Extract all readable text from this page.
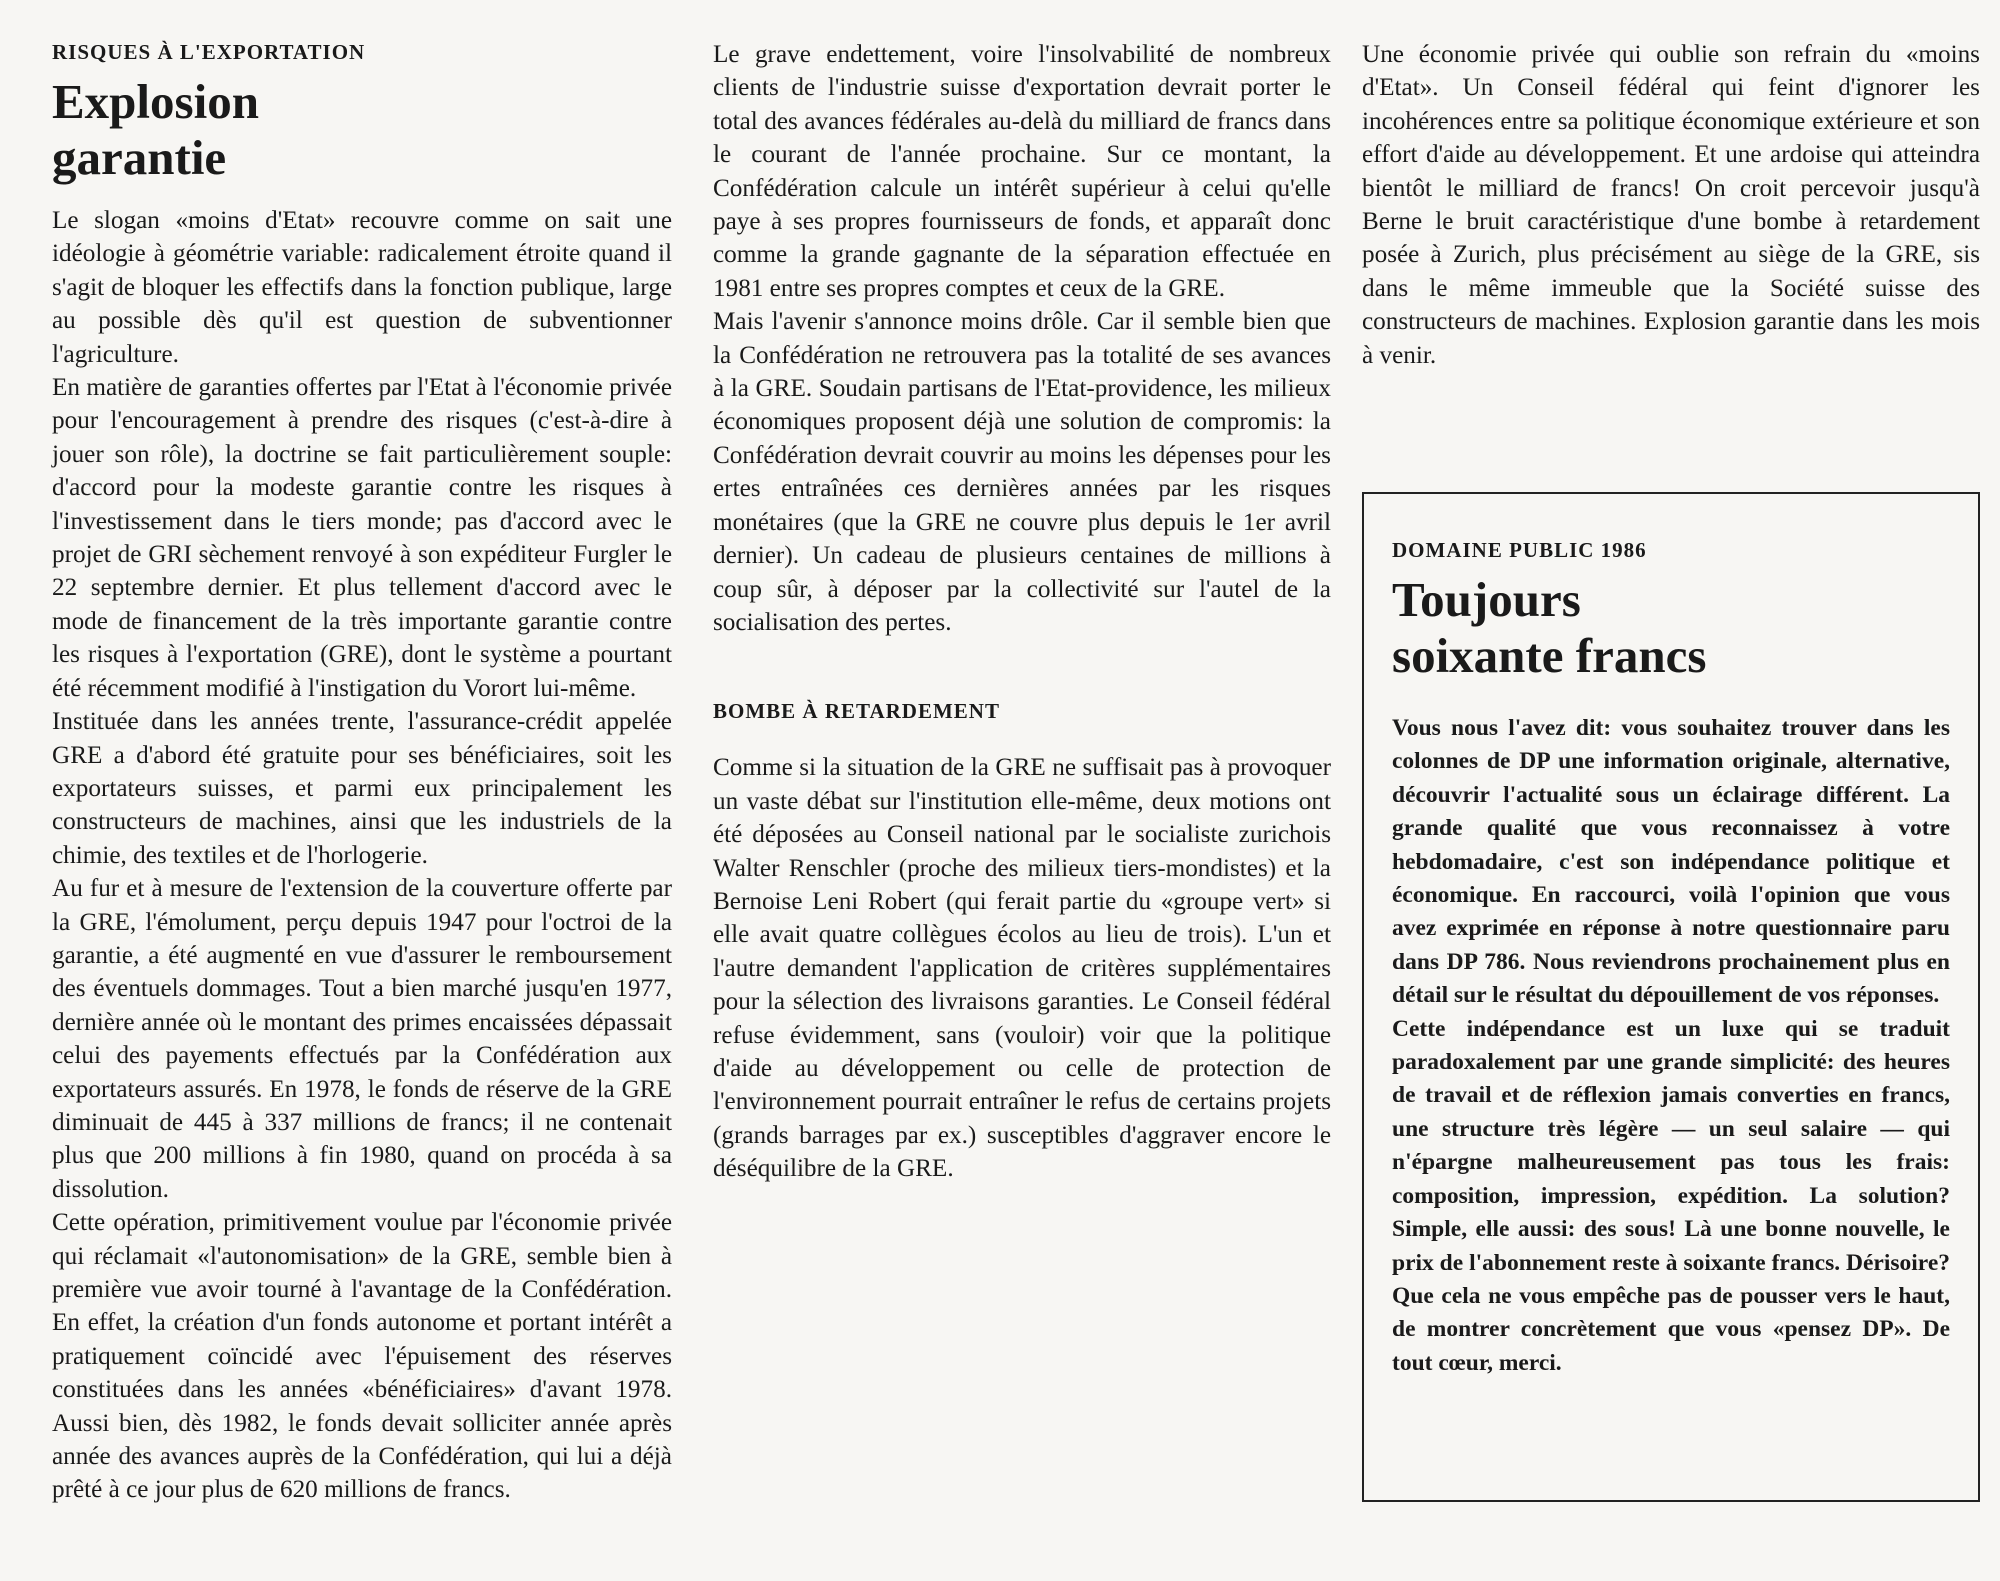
RISQUES À L'EXPORTATION
Explosion garantie

Le slogan «moins d'Etat» recouvre comme on sait une idéologie à géométrie variable: radicalement étroite quand il s'agit de bloquer les effectifs dans la fonction publique, large au possible dès qu'il est question de subventionner l'agriculture.

En matière de garanties offertes par l'Etat à l'économie privée pour l'encouragement à prendre des risques (c'est-à-dire à jouer son rôle), la doctrine se fait particulièrement souple: d'accord pour la modeste garantie contre les risques à l'investissement dans le tiers monde; pas d'accord avec le projet de GRI sèchement renvoyé à son expéditeur Furgler le 22 septembre dernier. Et plus tellement d'accord avec le mode de financement de la très importante garantie contre les risques à l'exportation (GRE), dont le système a pourtant été récemment modifié à l'instigation du Vorort lui-même.

Instituée dans les années trente, l'assurance-crédit appelée GRE a d'abord été gratuite pour ses bénéficiaires, soit les exportateurs suisses, et parmi eux principalement les constructeurs de machines, ainsi que les industriels de la chimie, des textiles et de l'horlogerie.

Au fur et à mesure de l'extension de la couverture offerte par la GRE, l'émolument, perçu depuis 1947 pour l'octroi de la garantie, a été augmenté en vue d'assurer le remboursement des éventuels dommages. Tout a bien marché jusqu'en 1977, dernière année où le montant des primes encaissées dépassait celui des payements effectués par la Confédération aux exportateurs assurés. En 1978, le fonds de réserve de la GRE diminuait de 445 à 337 millions de francs; il ne contenait plus que 200 millions à fin 1980, quand on procéda à sa dissolution.

Cette opération, primitivement voulue par l'économie privée qui réclamait «l'autonomisation» de la GRE, semble bien à première vue avoir tourné à l'avantage de la Confédération. En effet, la création d'un fonds autonome et portant intérêt a pratiquement coïncidé avec l'épuisement des réserves constituées dans les années «bénéficiaires» d'avant 1978. Aussi bien, dès 1982, le fonds devait solliciter année après année des avances auprès de la Confédération, qui lui a déjà prêté à ce jour plus de 620 millions de francs.

Le grave endettement, voire l'insolvabilité de nombreux clients de l'industrie suisse d'exportation devrait porter le total des avances fédérales au-delà du milliard de francs dans le courant de l'année prochaine. Sur ce montant, la Confédération calcule un intérêt supérieur à celui qu'elle paye à ses propres fournisseurs de fonds, et apparaît donc comme la grande gagnante de la séparation effectuée en 1981 entre ses propres comptes et ceux de la GRE.

Mais l'avenir s'annonce moins drôle. Car il semble bien que la Confédération ne retrouvera pas la totalité de ses avances à la GRE. Soudain partisans de l'Etat-providence, les milieux économiques proposent déjà une solution de compromis: la Confédération devrait couvrir au moins les dépenses pour les ertes entraînées ces dernières années par les risques monétaires (que la GRE ne couvre plus depuis le 1er avril dernier). Un cadeau de plusieurs centaines de millions à coup sûr, à déposer par la collectivité sur l'autel de la socialisation des pertes.

BOMBE À RETARDEMENT

Comme si la situation de la GRE ne suffisait pas à provoquer un vaste débat sur l'institution elle-même, deux motions ont été déposées au Conseil national par le socialiste zurichois Walter Renschler (proche des milieux tiers-mondistes) et la Bernoise Leni Robert (qui ferait partie du «groupe vert» si elle avait quatre collègues écolos au lieu de trois). L'un et l'autre demandent l'application de critères supplémentaires pour la sélection des livraisons garanties. Le Conseil fédéral refuse évidemment, sans (vouloir) voir que la politique d'aide au développement ou celle de protection de l'environnement pourrait entraîner le refus de certains projets (grands barrages par ex.) susceptibles d'aggraver encore le déséquilibre de la GRE.

Une économie privée qui oublie son refrain du «moins d'Etat». Un Conseil fédéral qui feint d'ignorer les incohérences entre sa politique économique extérieure et son effort d'aide au développement. Et une ardoise qui atteindra bientôt le milliard de francs! On croit percevoir jusqu'à Berne le bruit caractéristique d'une bombe à retardement posée à Zurich, plus précisément au siège de la GRE, sis dans le même immeuble que la Société suisse des constructeurs de machines. Explosion garantie dans les mois à venir.

DOMAINE PUBLIC 1986
Toujours soixante francs

Vous nous l'avez dit: vous souhaitez trouver dans les colonnes de DP une information originale, alternative, découvrir l'actualité sous un éclairage différent. La grande qualité que vous reconnaissez à votre hebdomadaire, c'est son indépendance politique et économique. En raccourci, voilà l'opinion que vous avez exprimée en réponse à notre questionnaire paru dans DP 786. Nous reviendrons prochainement plus en détail sur le résultat du dépouillement de vos réponses.

Cette indépendance est un luxe qui se traduit paradoxalement par une grande simplicité: des heures de travail et de réflexion jamais converties en francs, une structure très légère — un seul salaire — qui n'épargne malheureusement pas tous les frais: composition, impression, expédition. La solution? Simple, elle aussi: des sous! Là une bonne nouvelle, le prix de l'abonnement reste à soixante francs. Dérisoire? Que cela ne vous empêche pas de pousser vers le haut, de montrer concrètement que vous «pensez DP». De tout cœur, merci.
